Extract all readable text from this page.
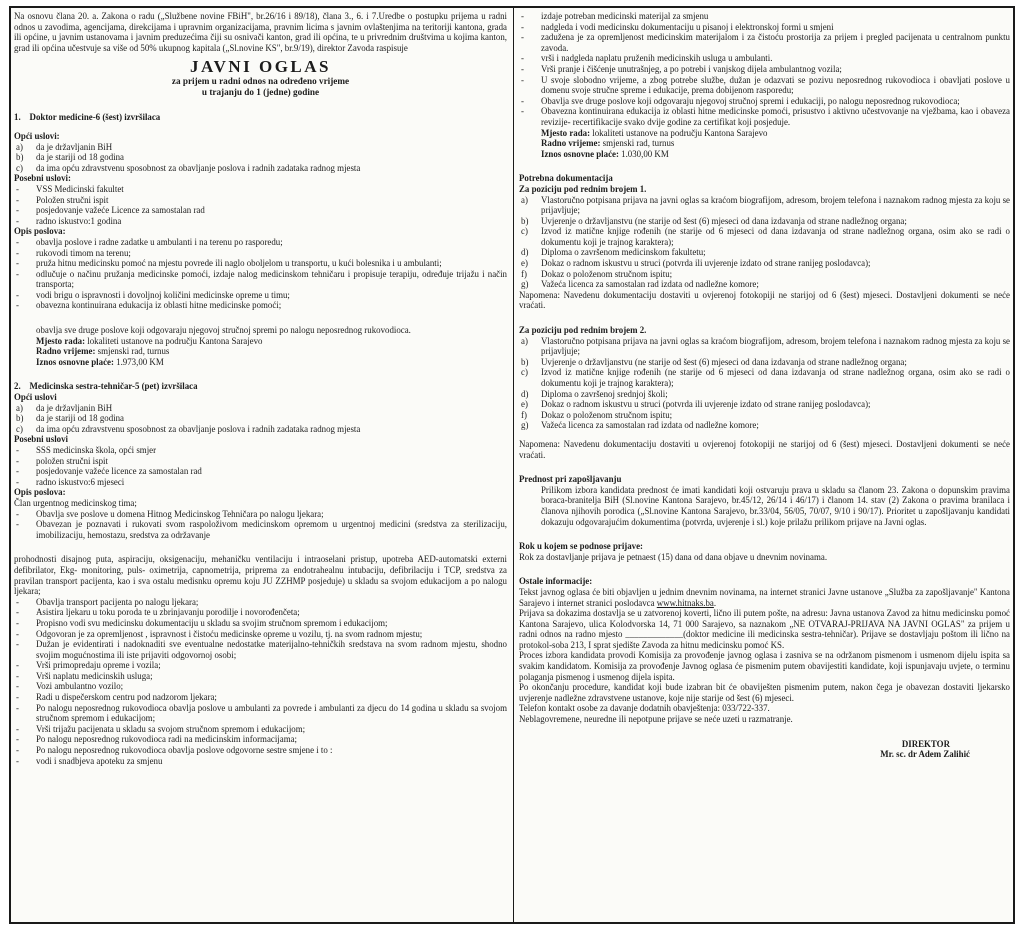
Na osnovu člana 20. a. Zakona o radu („Službene novine FBiH", br.26/16 i 89/18), člana 3., 6. i 7.Uredbe o postupku prijema u radni odnos u zavodima, agencijama, direkcijama i upravnim organizacijama, pravnim licima s javnim ovlaštenjima na teritoriji kantona, grada ili općine, u javnim ustanovama i javnim preduzećima čiji su osnivači kanton, grad ili općina, te u privrednim društvima u kojima kanton, grad ili općina učestvuje sa više od 50% ukupnog kapitala („Sl.novine KS", br.9/19), direktor Zavoda raspisuje

JAVNI OGLAS
za prijem u radni odnos na određeno vrijeme
u trajanju do 1 (jedne) godine

1. Doktor medicine-6 (šest) izvršilaca

Opći uslovi:

a) da je državljanin BiH
b) da je stariji od 18 godina
c) da ima opću zdravstvenu sposobnost za obavljanje poslova i radnih zadataka radnog mjesta

Posebni uslovi:

- VSS Medicinski fakultet
- Položen stručni ispit
- posjedovanje važeće Licence za samostalan rad
- radno iskustvo:1 godina

Opis poslova:

- obavlja poslove i radne zadatke u ambulanti i na terenu po rasporedu;
- rukovodi timom na terenu;
- pruža hitnu medicinsku pomoć na mjestu povrede ili naglo oboljelom u transportu, u kući bolesnika i u ambulanti;
- odlučuje o načinu pružanja medicinske pomoći, izdaje nalog medicinskom tehničaru i propisuje terapiju, određuje trijažu i način transporta;
- vodi brigu o ispravnosti i dovoljnoj količini medicinske opreme u timu;
- obavezna kontinuirana edukacija iz oblasti hitne medicinske pomoći;

obavlja sve druge poslove koji odgovaraju njegovoj stručnoj spremi po nalogu neposrednog rukovodioca.

Mjesto rada: lokaliteti ustanove na području Kantona Sarajevo

Radno vrijeme: smjenski rad, turnus

Iznos osnovne plaće: 1.973,00 KM

2. Medicinska sestra-tehničar-5 (pet) izvršilaca

Opći uslovi

a) da je državljanin BiH
b) da je stariji od 18 godina
c) da ima opću zdravstvenu sposobnost za obavljanje poslova i radnih zadataka radnog mjesta

Posebni uslovi

- SSS medicinska škola, opći smjer
- položen stručni ispit
- posjedovanje važeće licence za samostalan rad
- radno iskustvo:6 mjeseci

Opis poslova:

Član urgentnog medicinskog tima;

- Obavlja sve poslove u domena Hitnog Medicinskog Tehničara po nalogu ljekara;
- Obavezan je poznavati i rukovati svom raspoloživom medicinskom opremom u urgentnoj medicini (sredstva za sterilizaciju, imobilizaciju, hemostazu, sredstva za održavanje

prohodnosti disajnog puta, aspiraciju, oksigenaciju, mehaničku ventilaciju i intraoselani pristup, upotreba AED-automatski externi defibrilator, Ekg- monitoring, puls- oximetrija, capnometrija, priprema za endotrahealnu intubaciju, defibrilaciju i TCP, sredstva za pravilan transport pacijenta, kao i sva ostalu medisnku opremu koju JU ZZHMP posjeduje) u skladu sa svojom edukacijom a po nalogu ljekara;

- Obavlja transport pacijenta po nalogu ljekara;
- Asistira ljekaru u toku poroda te u zbrinjavanju porodilje i novorođenčeta;
- Propisno vodi svu medicinsku dokumentaciju u skladu sa svojim stručnom spremom i edukacijom;
- Odgovoran je za opremljenost , ispravnost i čistoću medicinske opreme u vozilu, tj. na svom radnom mjestu;
- Dužan je evidentirati i nadoknaditi sve eventualne nedostatke materijalno-tehničkih sredstava na svom radnom mjestu, shodno svojim mogućnostima ili iste prijaviti odgovornoj osobi;
- Vrši primopredaju opreme i vozila;
- Vrši naplatu medicinskih usluga;
- Vozi ambulantno vozilo;
- Radi u dispečerskom centru pod nadzorom ljekara;
- Po nalogu neposrednog rukovodioca obavlja poslove u ambulanti za povrede i ambulanti za djecu do 14 godina u skladu sa svojom stručnom spremom i edukacijom;
- Vrši trijažu pacijenata u skladu sa svojom stručnom spremom i edukacijom;
- Po nalogu neposrednog rukovodioca radi na medicinskim informacijama;
- Po nalogu neposrednog rukovodioca obavlja poslove odgovorne sestre smjene i to :
- vodi i snadbjeva apoteku za smjenu
- izdaje potreban medicinski materijal za smjenu
- nadgleda i vodi medicinsku dokumentaciju u pisanoj i elektronskoj formi u smjeni
- zadužena je za opremljenost medicinskim materijalom i za čistoću prostorija za prijem i pregled pacijenata u centralnom punktu zavoda.
- vrši i nadgleda naplatu pruženih medicinskih usluga u ambulanti.
- Vrši pranje i čišćenje unutrašnjeg, a po potrebi i vanjskog dijela ambulantnog vozila;
- U svoje slobodno vrijeme, a zbog potrebe službe, dužan je odazvati se pozivu neposrednog rukovodioca i obavljati poslove u domenu svoje stručne spreme i edukacije, prema dobijenom rasporedu;
- Obavlja sve druge poslove koji odgovaraju njegovoj stručnoj spremi i edukaciji, po nalogu neposrednog rukovodioca;
- Obavezna kontinuirana edukacija iz oblasti hitne medicinske pomoći, prisustvo i aktivno učestvovanje na vježbama, kao i obaveza revizije- recertifikacije svako dvije godine za certifikat koji posjeduje.

Mjesto rada: lokaliteti ustanove na području Kantona Sarajevo

Radno vrijeme: smjenski rad, turnus

Iznos osnovne plaće: 1.030,00 KM

Potrebna dokumentacija

Za poziciju pod rednim brojem 1.

a) Vlastoručno potpisana prijava na javni oglas sa kraćom biografijom, adresom, brojem telefona i naznakom radnog mjesta za koju se prijavljuje;
b) Uvjerenje o državljanstvu (ne starije od šest (6) mjeseci od dana izdavanja od strane nadležnog organa;
c) Izvod iz matične knjige rođenih (ne starije od 6 mjeseci od dana izdavanja od strane nadležnog organa, osim ako se radi o dokumentu koji je trajnog karaktera);
d) Diploma o završenom medicinskom fakultetu;
e) Dokaz o radnom iskustvu u struci (potvrda ili uvjerenje izdato od strane ranijeg poslodavca);
f) Dokaz o položenom stručnom ispitu;
g) Važeća licenca za samostalan rad izdata od nadležne komore;

Napomena: Navedenu dokumentaciju dostaviti u ovjerenoj fotokopiji ne starijoj od 6 (šest) mjeseci. Dostavljeni dokumenti se neće vraćati.

Za poziciju pod rednim brojem 2.

a) Vlastoručno potpisana prijava na javni oglas sa kraćom biografijom, adresom, brojem telefona i naznakom radnog mjesta za koju se prijavljuje;
b) Uvjerenje o državljanstvu (ne starije od šest (6) mjeseci od dana izdavanja od strane nadležnog organa;
c) Izvod iz matične knjige rođenih (ne starije od 6 mjeseci od dana izdavanja od strane nadležnog organa, osim ako se radi o dokumentu koji je trajnog karaktera);
d) Diploma o završenoj srednjoj školi;
e) Dokaz o radnom iskustvu u struci (potvrda ili uvjerenje izdato od strane ranijeg poslodavca);
f) Dokaz o položenom stručnom ispitu;
g) Važeća licenca za samostalan rad izdata od nadležne komore;

Napomena: Navedenu dokumentaciju dostaviti u ovjerenoj fotokopiji ne starijoj od 6 (šest) mjeseci. Dostavljeni dokumenti se neće vraćati.

Prednost pri zapošljavanju

Prilikom izbora kandidata prednost će imati kandidati koji ostvaruju prava u skladu sa članom 23. Zakona o dopunskim pravima boraca-branitelja BiH (Sl.novine Kantona Sarajevo, br.45/12, 26/14 i 46/17) i članom 14. stav (2) Zakona o pravima branilaca i članova njihovih porodica („Sl.novine Kantona Sarajevo, br.33/04, 56/05, 70/07, 9/10 i 90/17). Prioritet u zapošljavanju kandidati dokazuju odgovarajućim dokumentima (potvrda, uvjerenje i sl.) koje prilažu prilikom prijave na Javni oglas.

Rok u kojem se podnose prijave:

Rok za dostavljanje prijava je petnaest (15) dana od dana objave u dnevnim novinama.

Ostale informacije:

Tekst javnog oglasa će biti objavljen u jednim dnevnim novinama, na internet stranici Javne ustanove „Služba za zapošljavanje" Kantona Sarajevo i internet stranici poslodavca www.hitnaks.ba.

Prijava sa dokazima dostavlja se u zatvorenoj koverti, lično ili putem pošte, na adresu: Javna ustanova Zavod za hitnu medicinsku pomoć Kantona Sarajevo, ulica Kolodvorska 14, 71 000 Sarajevo, sa naznakom „NE OTVARAJ-PRIJAVA NA JAVNI OGLAS" za prijem u radni odnos na radno mjesto _____________(doktor medicine ili medicinska sestra-tehničar). Prijave se dostavljaju poštom ili lično na protokol-soba 213, I sprat sjedište Zavoda za hitnu medicinsku pomoć KS.

Proces izbora kandidata provodi Komisija za provođenje javnog oglasa i zasniva se na održanom pismenom i usmenom dijelu ispita sa svakim kandidatom. Komisija za provođenje Javnog oglasa će pismenim putem obavijestiti kandidate, koji ispunjavaju uvjete, o terminu polaganja pismenog i usmenog dijela ispita.

Po okončanju procedure, kandidat koji bude izabran bit će obaviješten pismenim putem, nakon čega je obavezan dostaviti ljekarsko uvjerenje nadležne zdravstvene ustanove, koje nije starije od šest (6) mjeseci.

Telefon kontakt osobe za davanje dodatnih obavještenja: 033/722-337.

Neblagovremene, neuredne ili nepotpune prijave se neće uzeti u razmatranje.

DIREKTOR

Mr. sc. dr Adem Zalihić
